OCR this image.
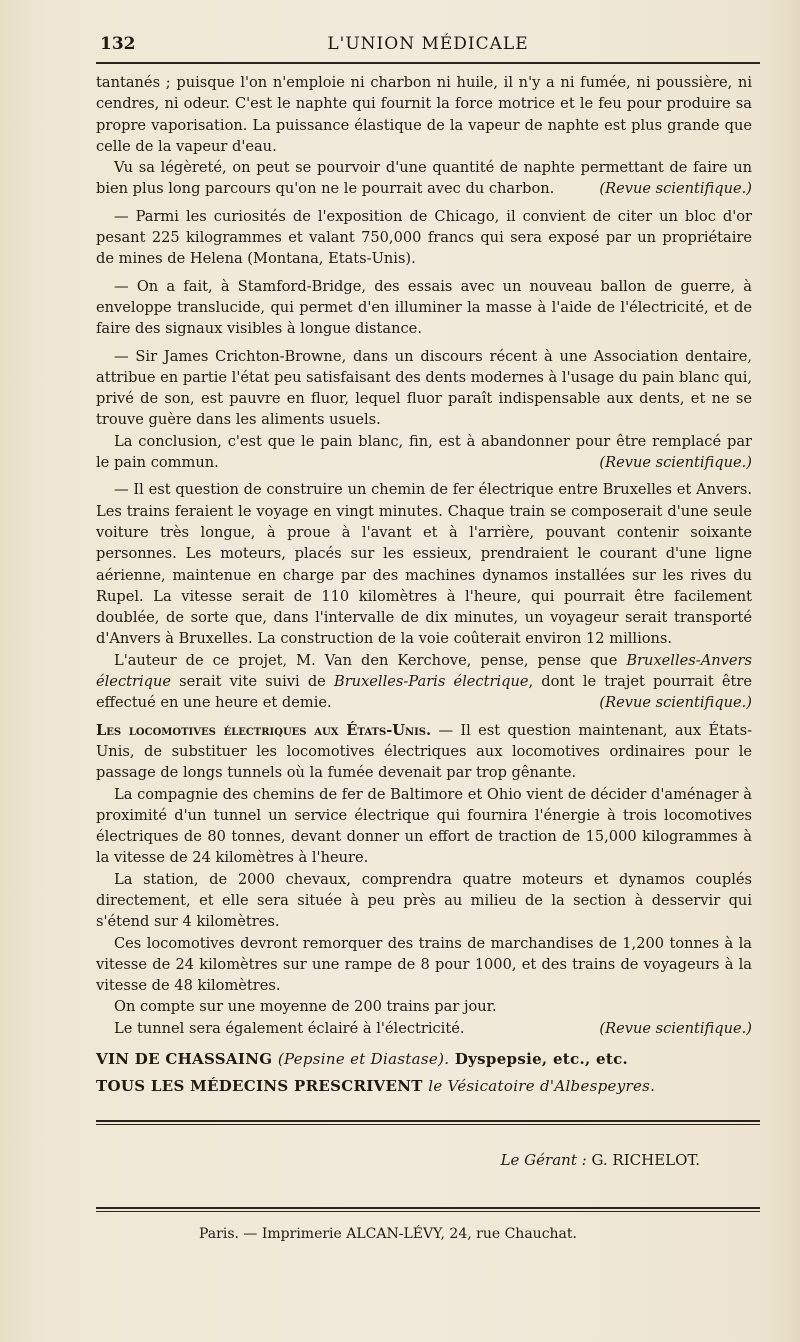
132	L'UNION MÉDICALE

tantanés ; puisque l'on n'emploie ni charbon ni huile, il n'y a ni fumée, ni poussière, ni cendres, ni odeur. C'est le naphte qui fournit la force motrice et le feu pour produire sa propre vaporisation. La puissance élastique de la vapeur de naphte est plus grande que celle de la vapeur d'eau.

Vu sa légèreté, on peut se pourvoir d'une quantité de naphte permettant de faire un bien plus long parcours qu'on ne le pourrait avec du charbon.	(Revue scientifique.)

— Parmi les curiosités de l'exposition de Chicago, il convient de citer un bloc d'or pesant 225 kilogrammes et valant 750,000 francs qui sera exposé par un propriétaire de mines de Helena (Montana, Etats-Unis).

— On a fait, à Stamford-Bridge, des essais avec un nouveau ballon de guerre, à enveloppe translucide, qui permet d'en illuminer la masse à l'aide de l'électricité, et de faire des signaux visibles à longue distance.

— Sir James Crichton-Browne, dans un discours récent à une Association dentaire, attribue en partie l'état peu satisfaisant des dents modernes à l'usage du pain blanc qui, privé de son, est pauvre en fluor, lequel fluor paraît indispensable aux dents, et ne se trouve guère dans les aliments usuels.

La conclusion, c'est que le pain blanc, fin, est à abandonner pour être remplacé par le pain commun.	(Revue scientifique.)

— Il est question de construire un chemin de fer électrique entre Bruxelles et Anvers. Les trains feraient le voyage en vingt minutes. Chaque train se composerait d'une seule voiture très longue, à proue à l'avant et à l'arrière, pouvant contenir soixante personnes. Les moteurs, placés sur les essieux, prendraient le courant d'une ligne aérienne, maintenue en charge par des machines dynamos installées sur les rives du Rupel. La vitesse serait de 110 kilomètres à l'heure, qui pourrait être facilement doublée, de sorte que, dans l'intervalle de dix minutes, un voyageur serait transporté d'Anvers à Bruxelles. La construction de la voie coûterait environ 12 millions.

L'auteur de ce projet, M. Van den Kerchove, pense, pense que Bruxelles-Anvers électrique serait vite suivi de Bruxelles-Paris électrique, dont le trajet pourrait être effectué en une heure et demie.	(Revue scientifique.)

Les locomotives électriques aux États-Unis. — Il est question maintenant, aux États-Unis, de substituer les locomotives électriques aux locomotives ordinaires pour le passage de longs tunnels où la fumée devenait par trop gênante.

La compagnie des chemins de fer de Baltimore et Ohio vient de décider d'aménager à proximité d'un tunnel un service électrique qui fournira l'énergie à trois locomotives électriques de 80 tonnes, devant donner un effort de traction de 15,000 kilogrammes à la vitesse de 24 kilomètres à l'heure.

La station, de 2000 chevaux, comprendra quatre moteurs et dynamos couplés directement, et elle sera située à peu près au milieu de la section à desservir qui s'étend sur 4 kilomètres.

Ces locomotives devront remorquer des trains de marchandises de 1,200 tonnes à la vitesse de 24 kilomètres sur une rampe de 8 pour 1000, et des trains de voyageurs à la vitesse de 48 kilomètres.

On compte sur une moyenne de 200 trains par jour.

Le tunnel sera également éclairé à l'électricité.	(Revue scientifique.)

VIN DE CHASSAING (Pepsine et Diastase). Dyspepsie, etc., etc.
TOUS LES MÉDECINS PRESCRIVENT le Vésicatoire d'Albespeyres.
Le Gérant : G. RICHELOT.
Paris. — Imprimerie ALCAN-LÉVY, 24, rue Chauchat.
